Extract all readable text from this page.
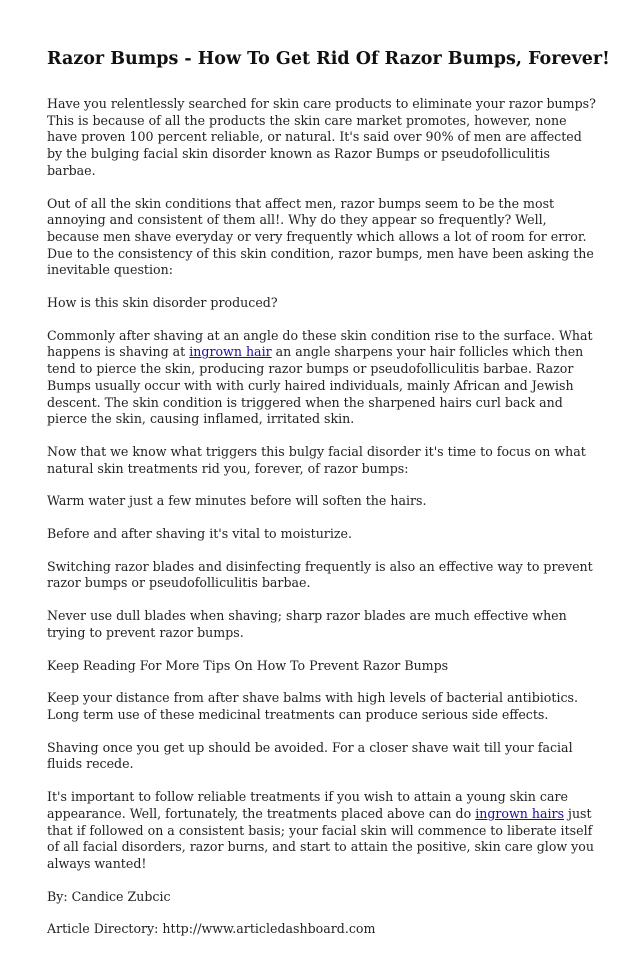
Razor Bumps - How To Get Rid Of Razor Bumps, Forever!

Have you relentlessly searched for skin care products to eliminate your razor bumps? This is because of all the products the skin care market promotes, however, none have proven 100 percent reliable, or natural. It's said over 90% of men are affected by the bulging facial skin disorder known as Razor Bumps or pseudofolliculitis barbae.

Out of all the skin conditions that affect men, razor bumps seem to be the most annoying and consistent of them all!. Why do they appear so frequently? Well, because men shave everyday or very frequently which allows a lot of room for error. Due to the consistency of this skin condition, razor bumps, men have been asking the inevitable question:

How is this skin disorder produced?

Commonly after shaving at an angle do these skin condition rise to the surface. What happens is shaving at ingrown hair an angle sharpens your hair follicles which then tend to pierce the skin, producing razor bumps or pseudofolliculitis barbae. Razor Bumps usually occur with with curly haired individuals, mainly African and Jewish descent. The skin condition is triggered when the sharpened hairs curl back and pierce the skin, causing inflamed, irritated skin.

Now that we know what triggers this bulgy facial disorder it's time to focus on what natural skin treatments rid you, forever, of razor bumps:

Warm water just a few minutes before will soften the hairs.

Before and after shaving it's vital to moisturize.

Switching razor blades and disinfecting frequently is also an effective way to prevent razor bumps or pseudofolliculitis barbae.

Never use dull blades when shaving; sharp razor blades are much effective when trying to prevent razor bumps.

Keep Reading For More Tips On How To Prevent Razor Bumps

Keep your distance from after shave balms with high levels of bacterial antibiotics. Long term use of these medicinal treatments can produce serious side effects.

Shaving once you get up should be avoided. For a closer shave wait till your facial fluids recede.

It's important to follow reliable treatments if you wish to attain a young skin care appearance. Well, fortunately, the treatments placed above can do ingrown hairs just that if followed on a consistent basis; your facial skin will commence to liberate itself of all facial disorders, razor burns, and start to attain the positive, skin care glow you always wanted!

By: Candice Zubcic

Article Directory: http://www.articledashboard.com
